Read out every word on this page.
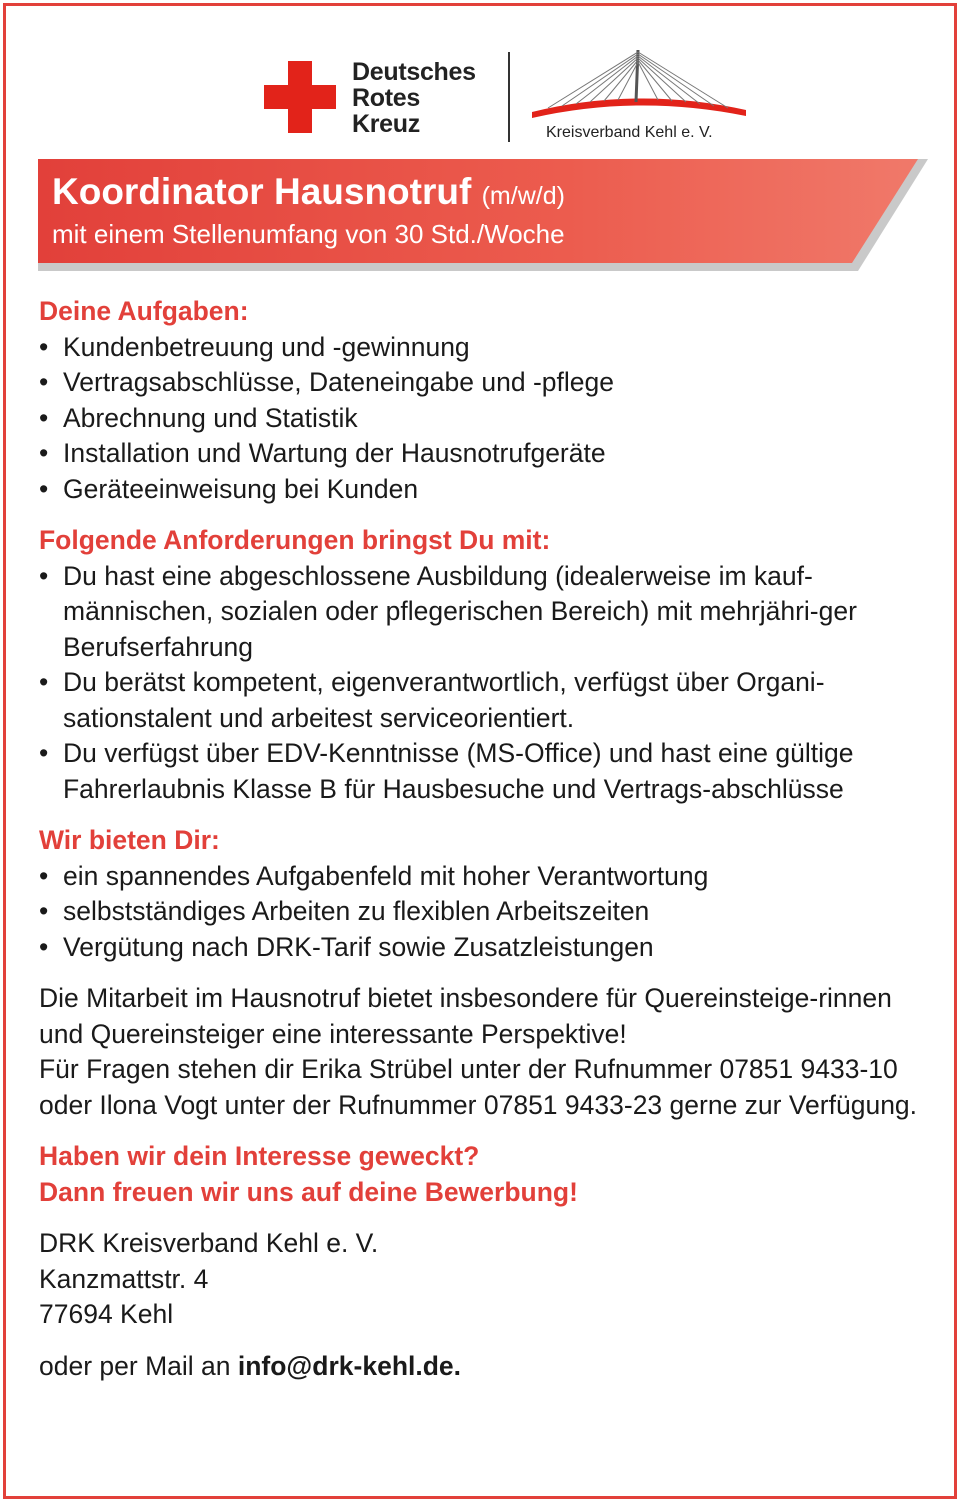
Deutsches
Rotes
Kreuz	Kreisverband Kehl e. V.
Koordinator Hausnotruf (m/w/d)
mit einem Stellenumfang von 30 Std./Woche

Deine Aufgaben:

• Kundenbetreuung und -gewinnung
• Vertragsabschlüsse, Dateneingabe und -pflege
• Abrechnung und Statistik
• Installation und Wartung der Hausnotrufgeräte
• Geräteeinweisung bei Kunden

Folgende Anforderungen bringst Du mit:

• Du hast eine abgeschlossene Ausbildung (idealerweise im kauf-männischen, sozialen oder pflegerischen Bereich) mit mehrjähri-ger Berufserfahrung
• Du berätst kompetent, eigenverantwortlich, verfügst über Organi-sationstalent und arbeitest serviceorientiert.
• Du verfügst über EDV-Kenntnisse (MS-Office) und hast eine gültige Fahrerlaubnis Klasse B für Hausbesuche und Vertrags-abschlüsse

Wir bieten Dir:

• ein spannendes Aufgabenfeld mit hoher Verantwortung
• selbstständiges Arbeiten zu flexiblen Arbeitszeiten
• Vergütung nach DRK-Tarif sowie Zusatzleistungen

Die Mitarbeit im Hausnotruf bietet insbesondere für Quereinsteige-rinnen und Quereinsteiger eine interessante Perspektive!

Für Fragen stehen dir Erika Strübel unter der Rufnummer 07851 9433-10 oder Ilona Vogt unter der Rufnummer 07851 9433-23 gerne zur Verfügung.

Haben wir dein Interesse geweckt?

Dann freuen wir uns auf deine Bewerbung!

DRK Kreisverband Kehl e. V.

Kanzmattstr. 4

77694 Kehl

oder per Mail an info@drk-kehl.de.
